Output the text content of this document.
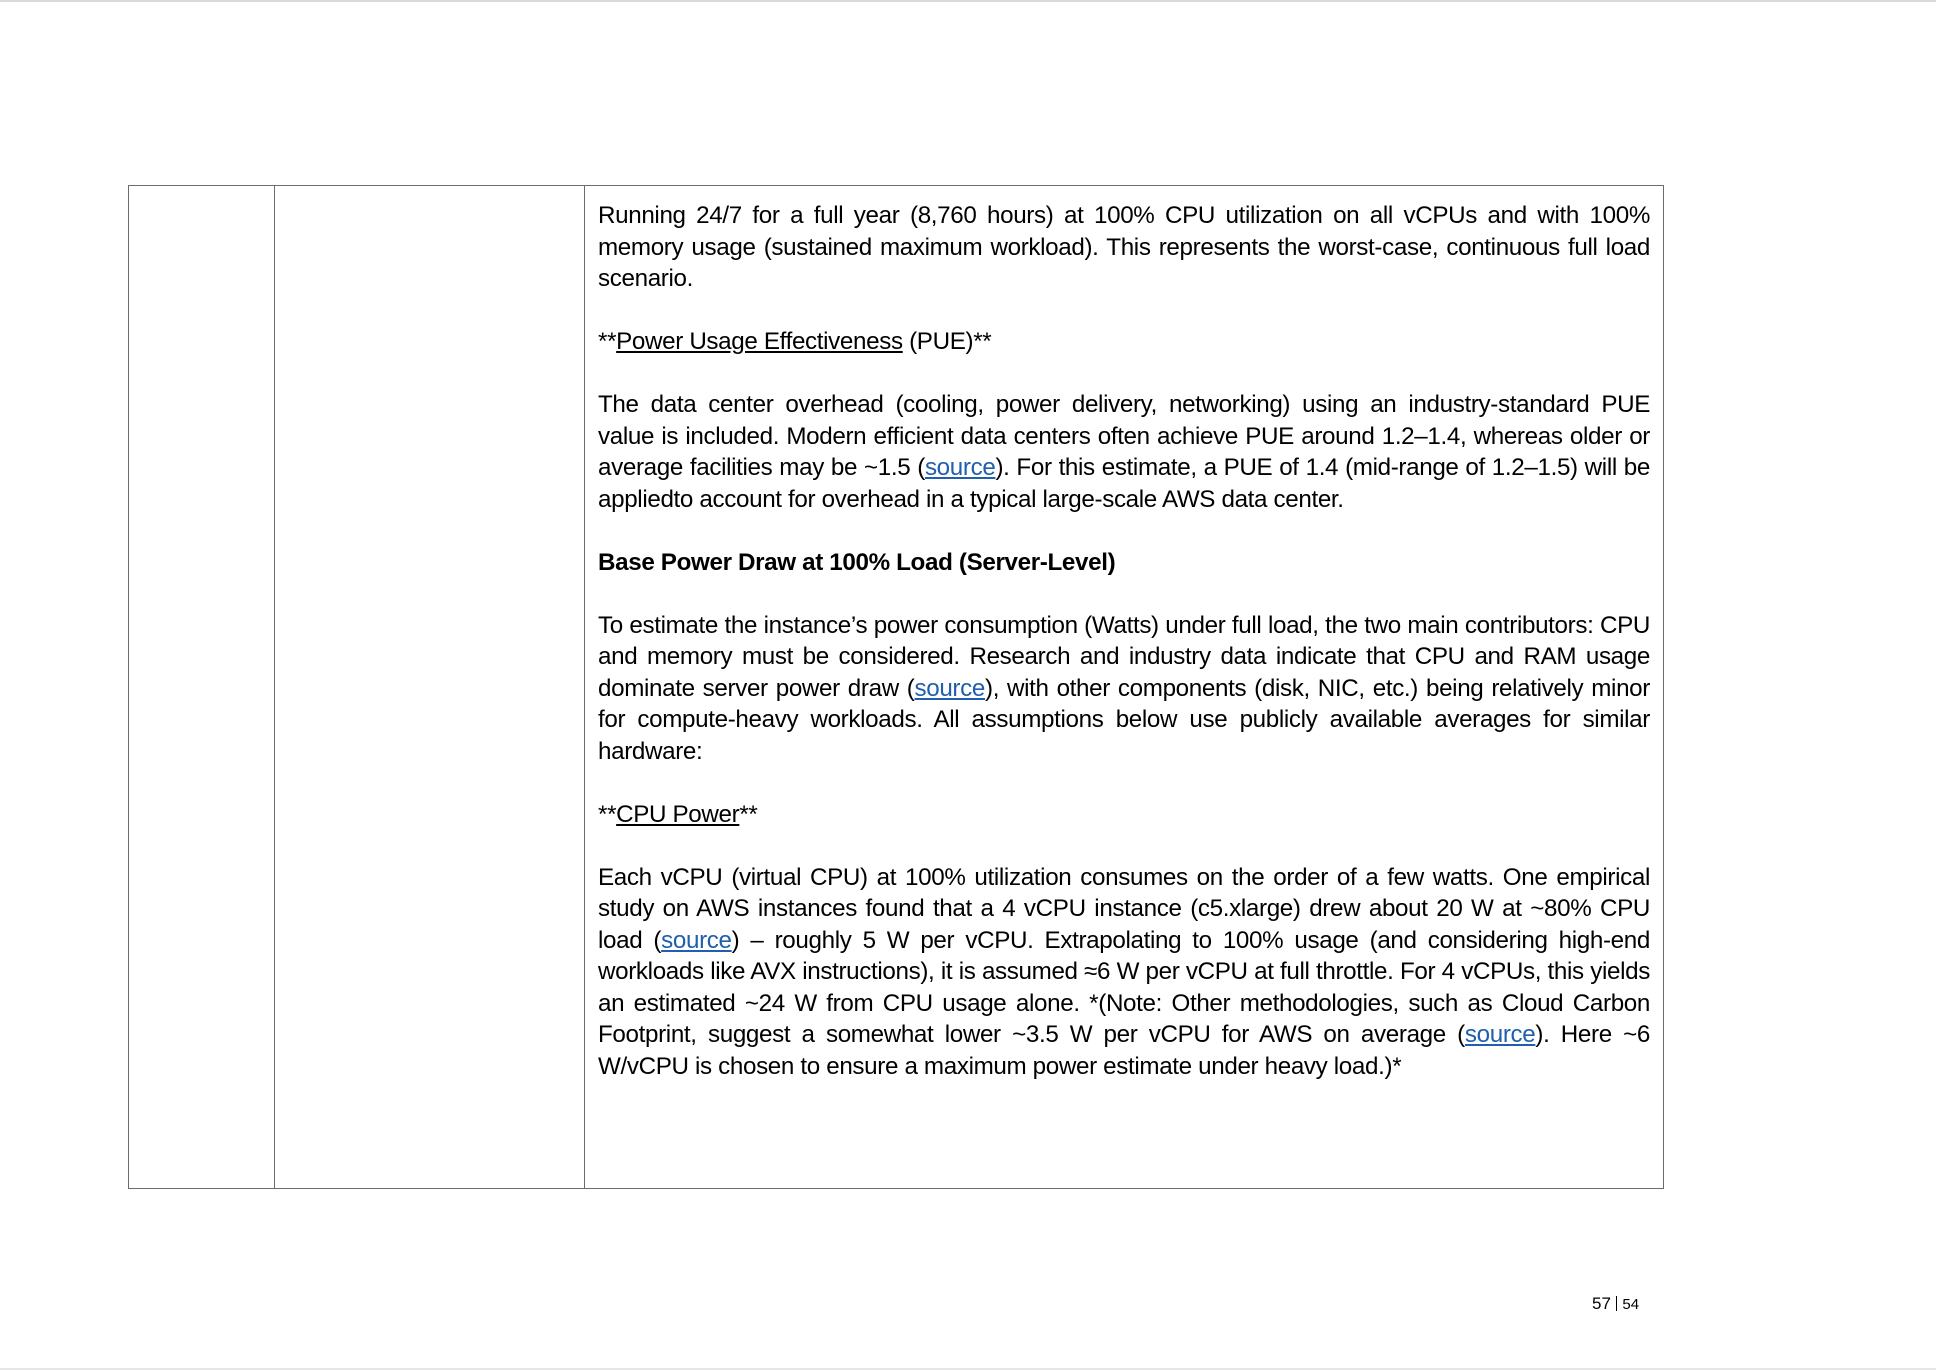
Running 24/7 for a full year (8,760 hours) at 100% CPU utilization on all vCPUs and with 100% memory usage (sustained maximum workload). This represents the worst-case, continuous full load scenario.

**Power Usage Effectiveness (PUE)**

The data center overhead (cooling, power delivery, networking) using an industry-standard PUE value is included. Modern efficient data centers often achieve PUE around 1.2–1.4, whereas older or average facilities may be ~1.5 (source). For this estimate, a PUE of 1.4 (mid-range of 1.2–1.5) will be appliedto account for overhead in a typical large-scale AWS data center.

Base Power Draw at 100% Load (Server-Level)

To estimate the instance’s power consumption (Watts) under full load, the two main contributors: CPU and memory must be considered. Research and industry data indicate that CPU and RAM usage dominate server power draw (source), with other components (disk, NIC, etc.) being relatively minor for compute-heavy workloads. All assumptions below use publicly available averages for similar hardware:

**CPU Power**

Each vCPU (virtual CPU) at 100% utilization consumes on the order of a few watts. One empirical study on AWS instances found that a 4 vCPU instance (c5.xlarge) drew about 20 W at ~80% CPU load (source) – roughly 5 W per vCPU. Extrapolating to 100% usage (and considering high-end workloads like AVX instructions), it is assumed ≈6 W per vCPU at full throttle. For 4 vCPUs, this yields an estimated ~24 W from CPU usage alone. *(Note: Other methodologies, such as Cloud Carbon Footprint, suggest a somewhat lower ~3.5 W per vCPU for AWS on average (source). Here ~6 W/vCPU is chosen to ensure a maximum power estimate under heavy load.)*

57 54
